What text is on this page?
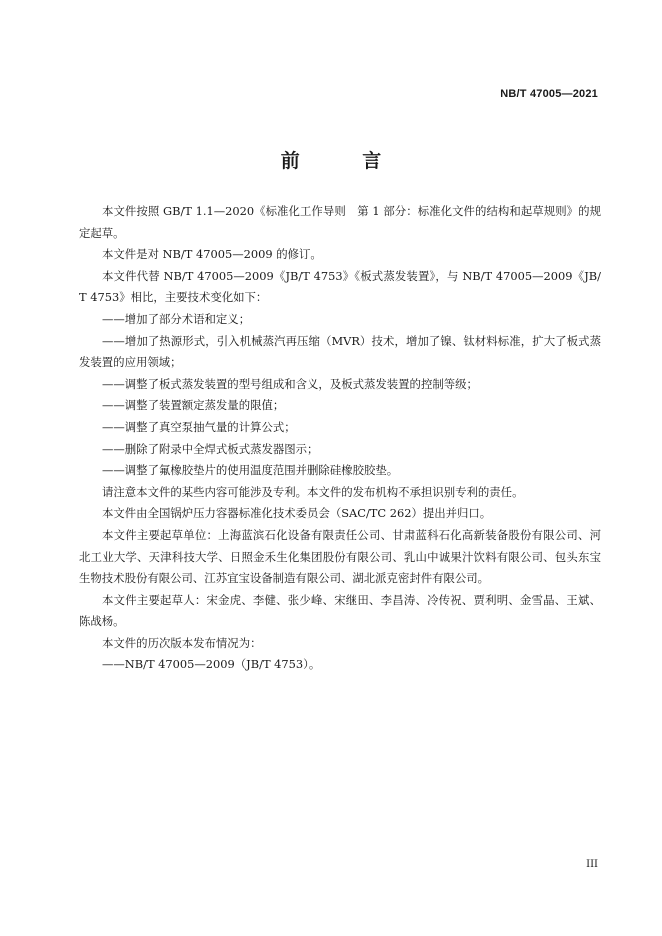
NB/T 47005—2021
前 言

本文件按照 GB/T 1.1—2020《标准化工作导则　第 1 部分：标准化文件的结构和起草规则》的规定起草。

本文件是对 NB/T 47005—2009 的修订。

本文件代替 NB/T 47005—2009《JB/T 4753》《板式蒸发装置》，与 NB/T 47005—2009《JB/T 4753》相比，主要技术变化如下：

——增加了部分术语和定义；

——增加了热源形式，引入机械蒸汽再压缩（MVR）技术，增加了镍、钛材料标准，扩大了板式蒸发装置的应用领域；

——调整了板式蒸发装置的型号组成和含义，及板式蒸发装置的控制等级；

——调整了装置额定蒸发量的限值；

——调整了真空泵抽气量的计算公式；

——删除了附录中全焊式板式蒸发器图示；

——调整了氟橡胶垫片的使用温度范围并删除硅橡胶胶垫。

请注意本文件的某些内容可能涉及专利。本文件的发布机构不承担识别专利的责任。

本文件由全国锅炉压力容器标准化技术委员会（SAC/TC 262）提出并归口。

本文件主要起草单位：上海蓝滨石化设备有限责任公司、甘肃蓝科石化高新装备股份有限公司、河北工业大学、天津科技大学、日照金禾生化集团股份有限公司、乳山中诚果汁饮料有限公司、包头东宝生物技术股份有限公司、江苏宜宝设备制造有限公司、湖北派克密封件有限公司。

本文件主要起草人：宋金虎、李健、张少峰、宋继田、李昌涛、冷传祝、贾利明、金雪晶、王斌、陈战杨。

本文件的历次版本发布情况为：

——NB/T 47005—2009（JB/T 4753）。

III
